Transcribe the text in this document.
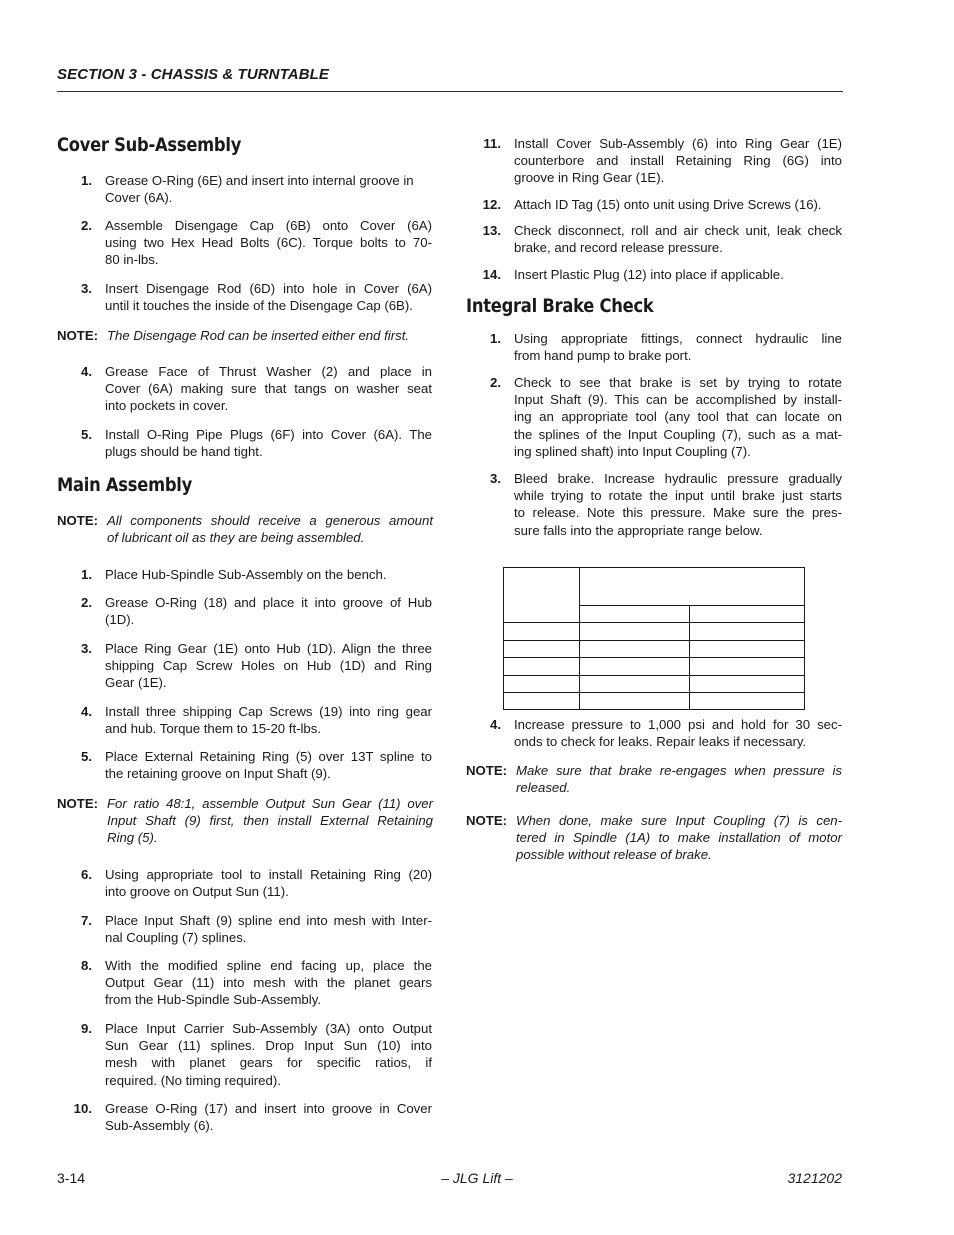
SECTION 3 - CHASSIS & TURNTABLE
Cover Sub-Assembly
1. Grease O-Ring (6E) and insert into internal groove in
Cover (6A).
2. Assemble Disengage Cap (6B) onto Cover (6A)
using two Hex Head Bolts (6C). Torque bolts to 70-
80 in-lbs.
3. Insert Disengage Rod (6D) into hole in Cover (6A)
until it touches the inside of the Disengage Cap (6B).
NOTE: The Disengage Rod can be inserted either end first.
4. Grease Face of Thrust Washer (2) and place in
Cover (6A) making sure that tangs on washer seat
into pockets in cover.
5. Install O-Ring Pipe Plugs (6F) into Cover (6A). The
plugs should be hand tight.
Main Assembly
NOTE: All components should receive a generous amount
of lubricant oil as they are being assembled.
1. Place Hub-Spindle Sub-Assembly on the bench.
2. Grease O-Ring (18) and place it into groove of Hub
(1D).
3. Place Ring Gear (1E) onto Hub (1D). Align the three
shipping Cap Screw Holes on Hub (1D) and Ring
Gear (1E).
4. Install three shipping Cap Screws (19) into ring gear
and hub. Torque them to 15-20 ft-lbs.
5. Place External Retaining Ring (5) over 13T spline to
the retaining groove on Input Shaft (9).
NOTE: For ratio 48:1, assemble Output Sun Gear (11) over
Input Shaft (9) first, then install External Retaining
Ring (5).
6. Using appropriate tool to install Retaining Ring (20)
into groove on Output Sun (11).
7. Place Input Shaft (9) spline end into mesh with Inter-
nal Coupling (7) splines.
8. With the modified spline end facing up, place the
Output Gear (11) into mesh with the planet gears
from the Hub-Spindle Sub-Assembly.
9. Place Input Carrier Sub-Assembly (3A) onto Output
Sun Gear (11) splines. Drop Input Sun (10) into
mesh with planet gears for specific ratios, if
required. (No timing required).
10. Grease O-Ring (17) and insert into groove in Cover
Sub-Assembly (6).
11. Install Cover Sub-Assembly (6) into Ring Gear (1E)
counterbore and install Retaining Ring (6G) into
groove in Ring Gear (1E).
12. Attach ID Tag (15) onto unit using Drive Screws (16).
13. Check disconnect, roll and air check unit, leak check
brake, and record release pressure.
14. Insert Plastic Plug (12) into place if applicable.
Integral Brake Check
1. Using appropriate fittings, connect hydraulic line
from hand pump to brake port.
2. Check to see that brake is set by trying to rotate
Input Shaft (9). This can be accomplished by install-
ing an appropriate tool (any tool that can locate on
the splines of the Input Coupling (7), such as a mat-
ing splined shaft) into Input Coupling (7).
3. Bleed brake. Increase hydraulic pressure gradually
while trying to rotate the input until brake just starts
to release. Note this pressure. Make sure the pres-
sure falls into the appropriate range below.
4. Increase pressure to 1,000 psi and hold for 30 sec-
onds to check for leaks. Repair leaks if necessary.
NOTE: Make sure that brake re-engages when pressure is
released.
NOTE: When done, make sure Input Coupling (7) is cen-
tered in Spindle (1A) to make installation of motor
possible without release of brake.
3-14	– JLG Lift –	3121202
